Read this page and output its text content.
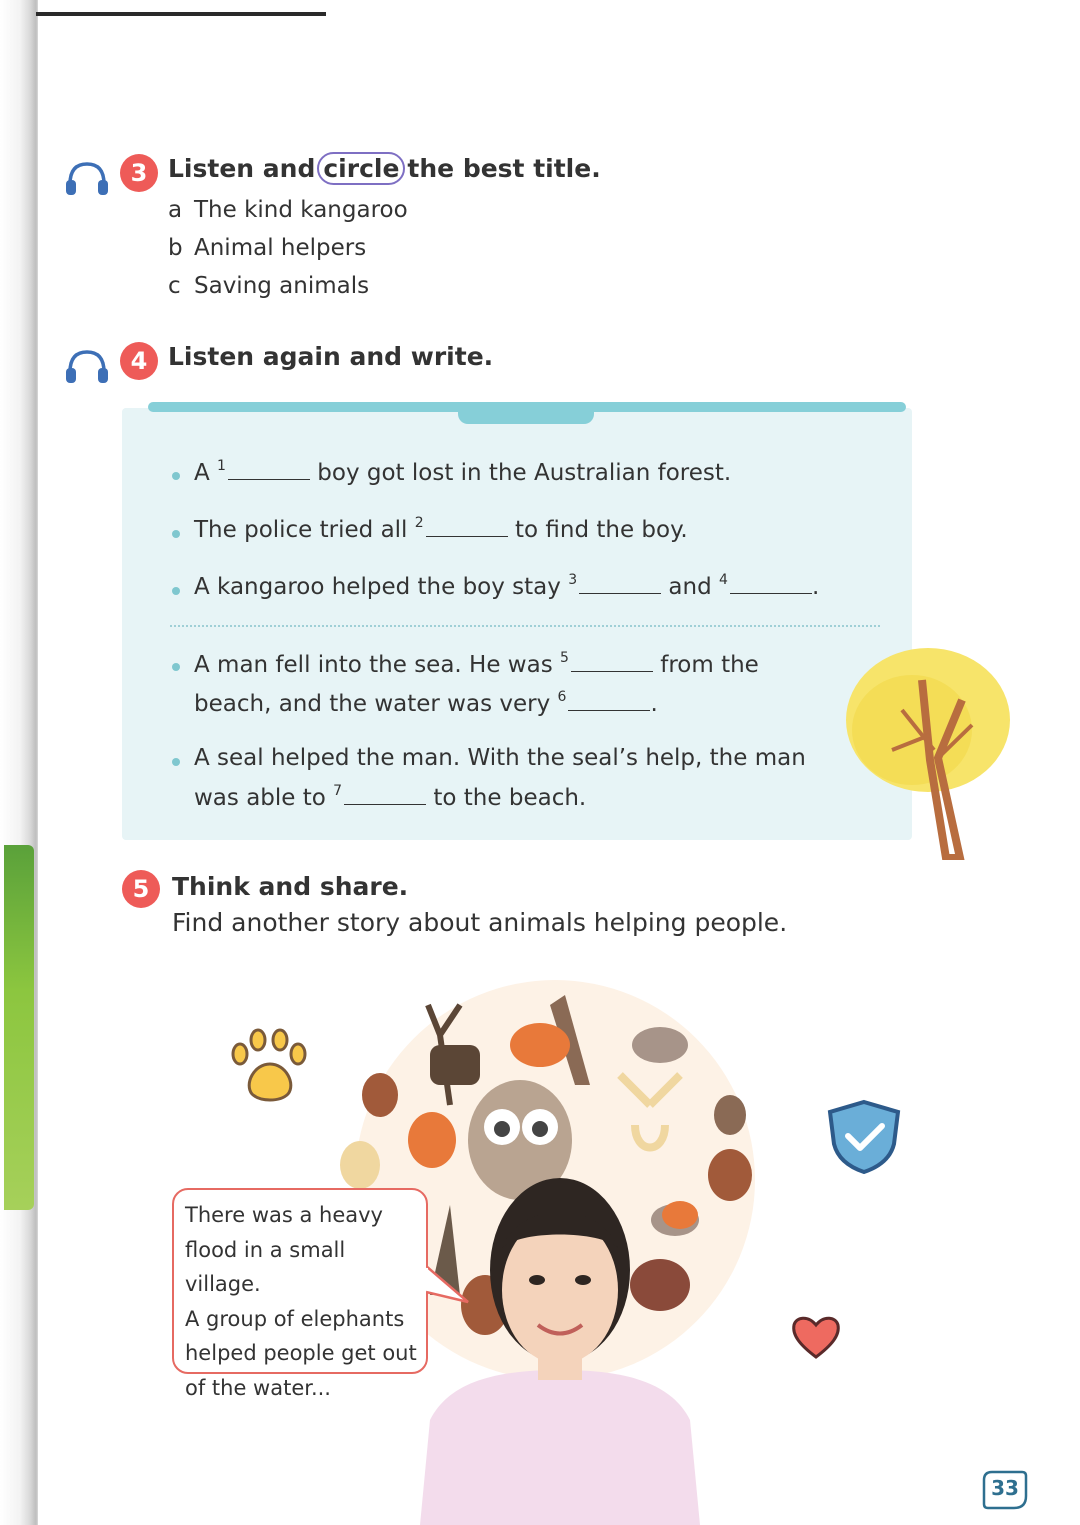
3 Listen and circle the best title.
a The kind kangaroo
b Animal helpers
c Saving animals
4 Listen again and write.
A $^1$	boy got lost in the Australian forest.
The police tried all $^2$	to find the boy.
A kangaroo helped the boy stay $^3$	and $^4$	.
A man fell into the sea. He was $^5$	from the
beach, and the water was very $^6$	.
A seal helped the man. With the seal’s help, the man
was able to $^7$	to the beach.
5 Think and share.
Find another story about animals helping people.
There was a heavy
flood in a small village.
A group of elephants
helped people get out
of the water...
33
